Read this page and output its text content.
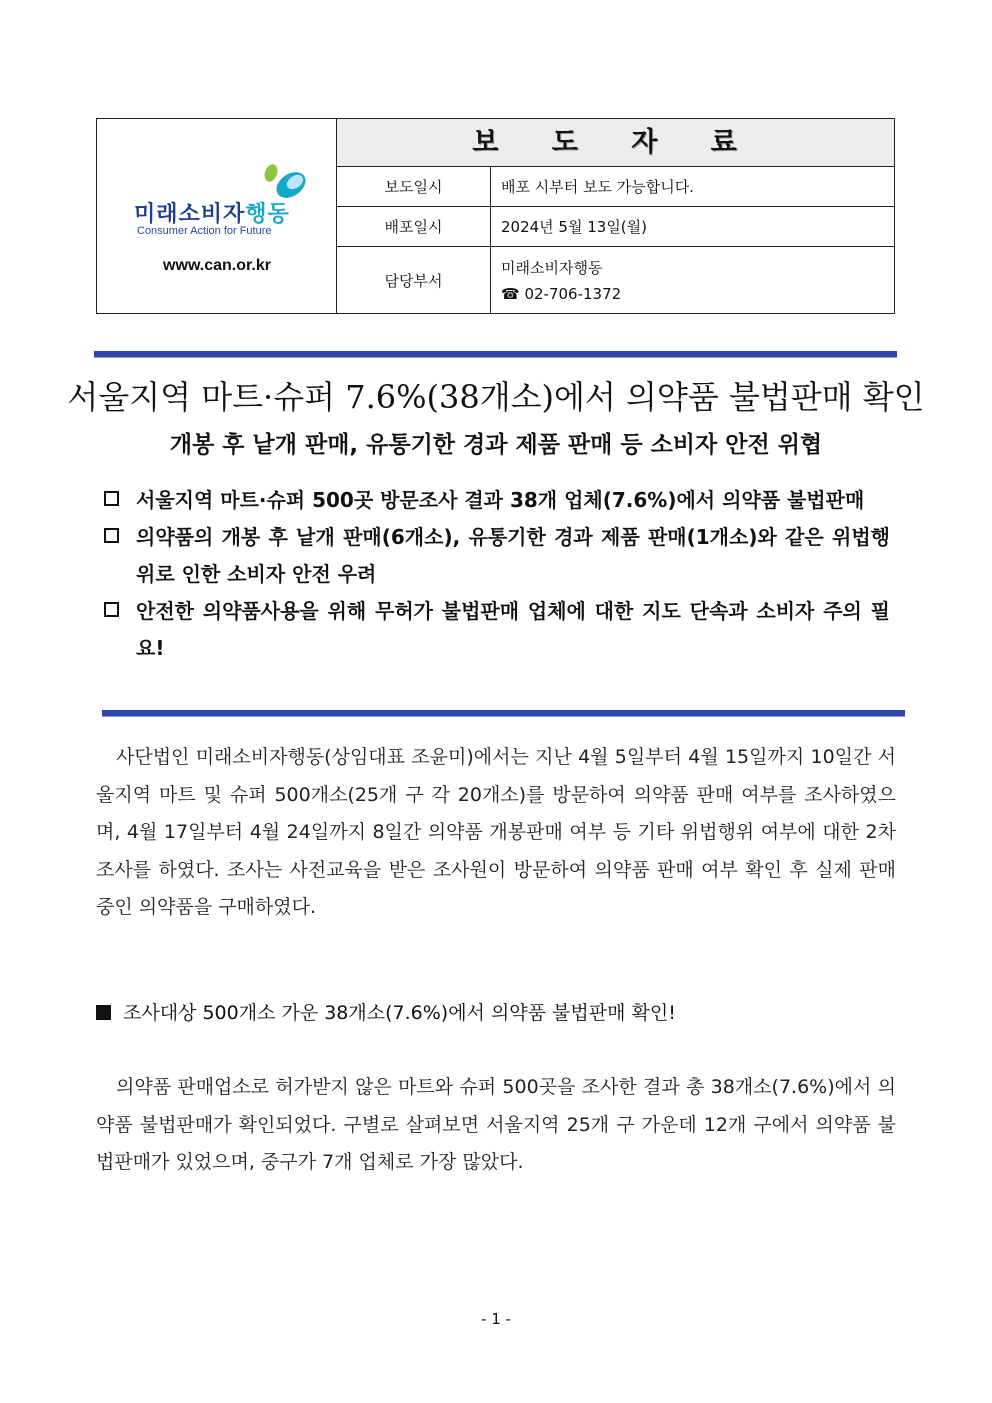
미래소비자행동
Consumer Action for Future
www.can.or.kr
보 도 자 료
보도일시	배포 시부터 보도 가능합니다.
배포일시	2024년 5월 13일(월)
담당부서
미래소비자행동
☎ 02-706-1372
서울지역 마트·슈퍼 7.6%(38개소)에서 의약품 불법판매 확인
개봉 후 낱개 판매, 유통기한 경과 제품 판매 등 소비자 안전 위협
서울지역 마트·슈퍼 500곳 방문조사 결과 38개 업체(7.6%)에서 의약품 불법판매
의약품의 개봉 후 낱개 판매(6개소), 유통기한 경과 제품 판매(1개소)와 같은 위법행위로 인한 소비자 안전 우려
안전한 의약품사용을 위해 무허가 불법판매 업체에 대한 지도 단속과 소비자 주의 필요!
사단법인 미래소비자행동(상임대표 조윤미)에서는 지난 4월 5일부터 4월 15일까지 10일간 서울지역 마트 및 슈퍼 500개소(25개 구 각 20개소)를 방문하여 의약품 판매 여부를 조사하였으며, 4월 17일부터 4월 24일까지 8일간 의약품 개봉판매 여부 등 기타 위법행위 여부에 대한 2차 조사를 하였다. 조사는 사전교육을 받은 조사원이 방문하여 의약품 판매 여부 확인 후 실제 판매 중인 의약품을 구매하였다.
조사대상 500개소 가운 38개소(7.6%)에서 의약품 불법판매 확인!
의약품 판매업소로 허가받지 않은 마트와 슈퍼 500곳을 조사한 결과 총 38개소(7.6%)에서 의약품 불법판매가 확인되었다. 구별로 살펴보면 서울지역 25개 구 가운데 12개 구에서 의약품 불법판매가 있었으며, 중구가 7개 업체로 가장 많았다.
- 1 -
